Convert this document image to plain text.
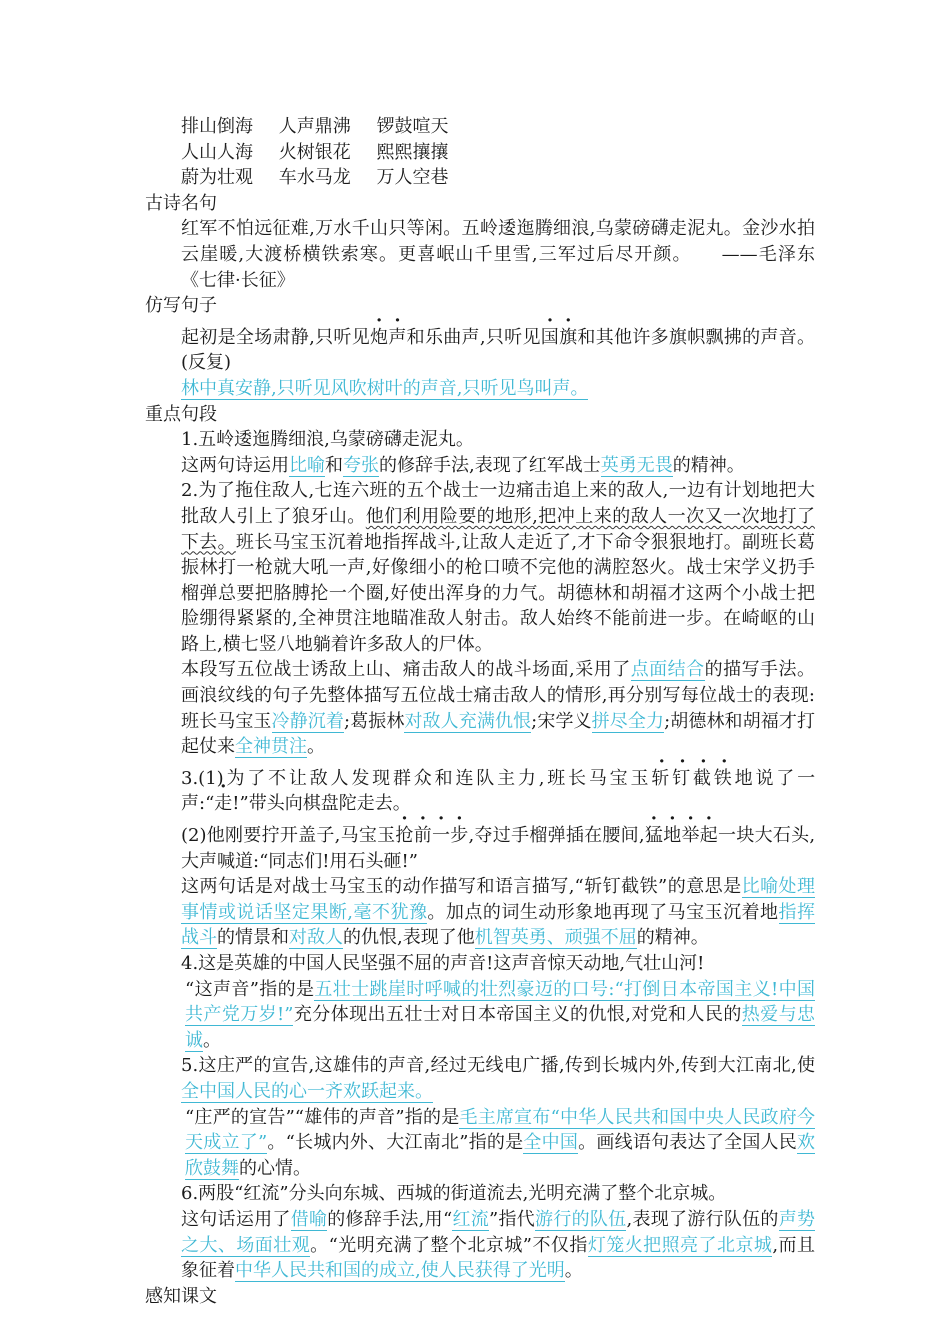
排山倒海 人声鼎沸 锣鼓喧天
人山人海 火树银花 熙熙攘攘
蔚为壮观 车水马龙 万人空巷
古诗名句

红军不怕远征难,万水千山只等闲。五岭逶迤腾细浪,乌蒙磅礴走泥丸。金沙水拍云崖暖,大渡桥横铁索寒。更喜岷山千里雪,三军过后尽开颜。 ——毛泽东《七律·长征》

仿写句子

起初是全场肃静,只听见炮声和乐曲声,只听见国旗和其他许多旗帜飘拂的声音。(反复)

林中真安静,只听见风吹树叶的声音,只听见鸟叫声。

重点句段

1.五岭逶迤腾细浪,乌蒙磅礴走泥丸。

这两句诗运用比喻和夸张的修辞手法,表现了红军战士英勇无畏的精神。

2.为了拖住敌人,七连六班的五个战士一边痛击追上来的敌人,一边有计划地把大批敌人引上了狼牙山。他们利用险要的地形,把冲上来的敌人一次又一次地打了下去。班长马宝玉沉着地指挥战斗,让敌人走近了,才下命令狠狠地打。副班长葛振林打一枪就大吼一声,好像细小的枪口喷不完他的满腔怒火。战士宋学义扔手榴弹总要把胳膊抡一个圈,好使出浑身的力气。胡德林和胡福才这两个小战士把脸绷得紧紧的,全神贯注地瞄准敌人射击。敌人始终不能前进一步。在崎岖的山路上,横七竖八地躺着许多敌人的尸体。

本段写五位战士诱敌上山、痛击敌人的战斗场面,采用了点面结合的描写手法。画浪纹线的句子先整体描写五位战士痛击敌人的情形,再分别写每位战士的表现:班长马宝玉冷静沉着;葛振林对敌人充满仇恨;宋学义拼尽全力;胡德林和胡福才打起仗来全神贯注。

3.(1)为了不让敌人发现群众和连队主力,班长马宝玉斩钉截铁地说了一声:“走!”带头向棋盘陀走去。

(2)他刚要拧开盖子,马宝玉抢前一步,夺过手榴弹插在腰间,猛地举起一块大石头,大声喊道:“同志们!用石头砸!”

这两句话是对战士马宝玉的动作描写和语言描写,“斩钉截铁”的意思是比喻处理事情或说话坚定果断,毫不犹豫。加点的词生动形象地再现了马宝玉沉着地指挥战斗的情景和对敌人的仇恨,表现了他机智英勇、顽强不屈的精神。

4.这是英雄的中国人民坚强不屈的声音!这声音惊天动地,气壮山河!

“这声音”指的是五壮士跳崖时呼喊的壮烈豪迈的口号:“打倒日本帝国主义!中国共产党万岁!”充分体现出五壮士对日本帝国主义的仇恨,对党和人民的热爱与忠诚。

5.这庄严的宣告,这雄伟的声音,经过无线电广播,传到长城内外,传到大江南北,使全中国人民的心一齐欢跃起来。

“庄严的宣告”“雄伟的声音”指的是毛主席宣布“中华人民共和国中央人民政府今天成立了”。“长城内外、大江南北”指的是全中国。画线语句表达了全国人民欢欣鼓舞的心情。

6.两股“红流”分头向东城、西城的街道流去,光明充满了整个北京城。

这句话运用了借喻的修辞手法,用“红流”指代游行的队伍,表现了游行队伍的声势之大、场面壮观。“光明充满了整个北京城”不仅指灯笼火把照亮了北京城,而且象征着中华人民共和国的成立,使人民获得了光明。

感知课文
